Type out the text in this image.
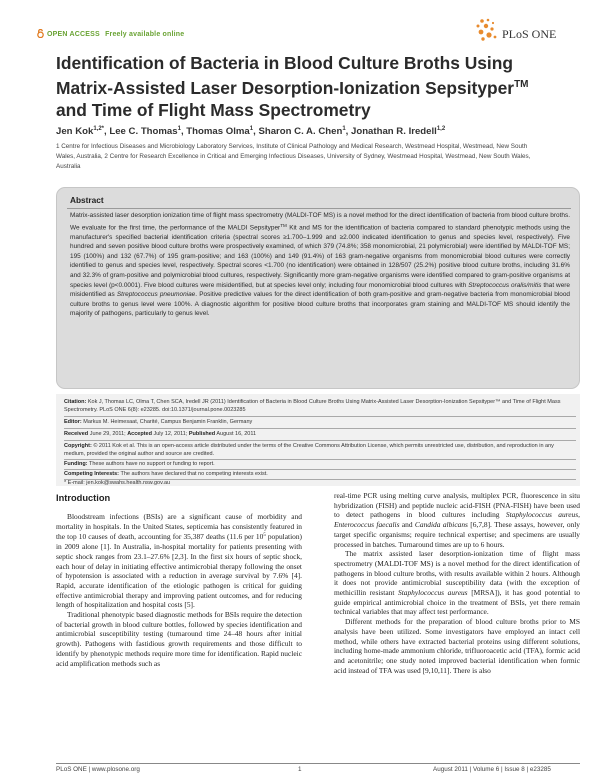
OPEN ACCESS Freely available online	PLoS ONE
Identification of Bacteria in Blood Culture Broths Using
Matrix-Assisted Laser Desorption-Ionization Sepsityper™
and Time of Flight Mass Spectrometry
Jen Kok$^{1,2*}$, Lee C. Thomas$^1$, Thomas Olma$^1$, Sharon C. A. Chen$^1$, Jonathan R. Iredell$^{1,2}$
1 Centre for Infectious Diseases and Microbiology Laboratory Services, Institute of Clinical Pathology and Medical Research, Westmead Hospital, Westmead, New South
Wales, Australia, 2 Centre for Research Excellence in Critical and Emerging Infectious Diseases, University of Sydney, Westmead Hospital, Westmead, New South Wales,
Australia
Abstract
Matrix-assisted laser desorption ionization time of flight mass spectrometry (MALDI-TOF MS) is a novel method for the direct identification of bacteria from blood culture broths. We evaluate for the first time, the performance of the MALDI Sepsityper™ Kit and MS for the identification of bacteria compared to standard phenotypic methods using the manufacturer's specified bacterial identification criteria (spectral scores ≥1.700–1.999 and ≥2.000 indicated identification to genus and species level, respectively). Five hundred and seven positive blood culture broths were prospectively examined, of which 379 (74.8%; 358 monomicrobial, 21 polymicrobial) were identified by MALDI-TOF MS; 195 (100%) and 132 (67.7%) of 195 gram-positive; and 163 (100%) and 149 (91.4%) of 163 gram-negative organisms from monomicrobial blood cultures were correctly identified to genus and species level, respectively. Spectral scores <1.700 (no identification) were obtained in 128/507 (25.2%) positive blood culture broths, including 31.6% and 32.3% of gram-positive and polymicrobial blood cultures, respectively. Significantly more gram-negative organisms were identified compared to gram-positive organisms at species level (p<0.0001). Five blood cultures were misidentified, but at species level only; including four monomicrobial blood cultures with Streptococcus oralis/mitis that were misidentified as Streptococcus pneumoniae. Positive predictive values for the direct identification of both gram-positive and gram-negative bacteria from monomicrobial blood culture broths to genus level were 100%. A diagnostic algorithm for positive blood culture broths that incorporates gram staining and MALDI-TOF MS should identify the majority of pathogens, particularly to genus level.
Citation: Kok J, Thomas LC, Olma T, Chen SCA, Iredell JR (2011) Identification of Bacteria in Blood Culture Broths Using Matrix-Assisted Laser Desorption-Ionization Sepsityper™ and Time of Flight Mass Spectrometry. PLoS ONE 6(8): e23285. doi:10.1371/journal.pone.0023285
Editor: Markus M. Heimesaat, Charité, Campus Benjamin Franklin, Germany
Received June 29, 2011; Accepted July 12, 2011; Published August 16, 2011
Copyright: © 2011 Kok et al. This is an open-access article distributed under the terms of the Creative Commons Attribution License, which permits unrestricted use, distribution, and reproduction in any medium, provided the original author and source are credited.
Funding: These authors have no support or funding to report.
Competing Interests: The authors have declared that no competing interests exist.
* E-mail: jen.kok@swahs.health.nsw.gov.au
Introduction

Bloodstream infections (BSIs) are a significant cause of morbidity and mortality in hospitals. In the United States, septicemia has consistently featured in the top 10 causes of death, accounting for 35,387 deaths (11.6 per $10^5$ population) in 2009 alone [1]. In Australia, in-hospital mortality for patients presenting with septic shock ranges from 23.1–27.6% [2,3]. In the first six hours of septic shock, each hour of delay in initiating effective antimicrobial therapy following the onset of hypotension is associated with a reduction in average survival by 7.6% [4]. Rapid, accurate identification of the etiologic pathogen is critical for guiding effective antimicrobial therapy and improving patient outcomes, and for reducing length of hospitalization and hospital costs [5].

Traditional phenotypic based diagnostic methods for BSIs require the detection of bacterial growth in blood culture bottles, followed by species identification and antimicrobial susceptibility testing (turnaround time 24–48 hours after initial growth). Pathogens with fastidious growth requirements and those difficult to identify by phenotypic methods require more time for identification. Rapid nucleic acid amplification methods such as

real-time PCR using melting curve analysis, multiplex PCR, fluorescence in situ hybridization (FISH) and peptide nucleic acid-FISH (PNA-FISH) have been used to detect pathogens in blood cultures including Staphylococcus aureus, Enterococcus faecalis and Candida albicans [6,7,8]. These assays, however, only target specific organisms; require technical expertise; and specimens are usually processed in batches. Turnaround times are up to 6 hours.

The matrix assisted laser desorption-ionization time of flight mass spectrometry (MALDI-TOF MS) is a novel method for the direct identification of pathogens in blood culture broths, with results available within 2 hours. Although it does not provide antimicrobial susceptibility data (with the exception of methicillin resistant Staphylococcus aureus [MRSA]), it has good potential to guide empirical antimicrobial choice in the treatment of BSIs, yet there remain technical variables that may affect test performance.

Different methods for the preparation of blood culture broths prior to MS analysis have been utilized. Some investigators have employed an intact cell method, while others have extracted bacterial proteins using different solutions, including home-made ammonium chloride, trifluoroacetic acid (TFA), formic acid and acetonitrile; one study noted improved bacterial identification when formic acid instead of TFA was used [9,10,11]. There is also

PLoS ONE | www.plosone.org	1	August 2011 | Volume 6 | Issue 8 | e23285
